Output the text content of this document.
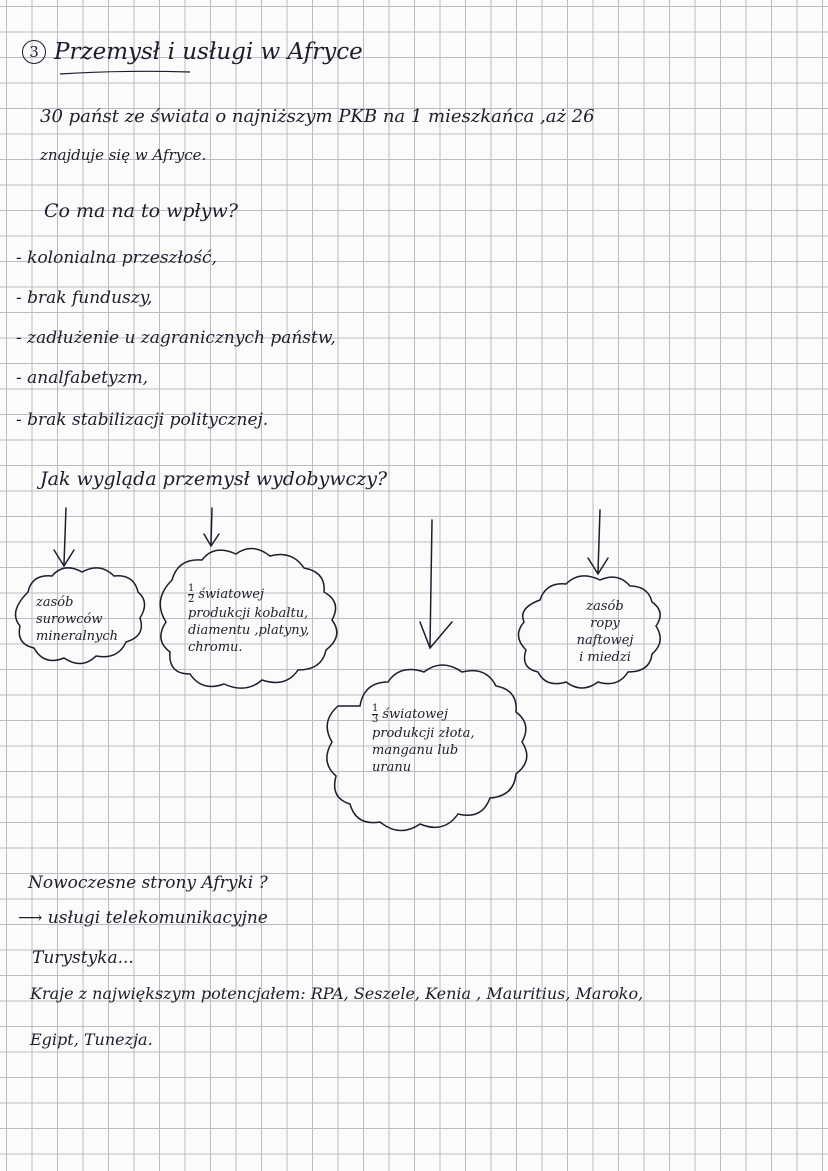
3 Przemysł i usługi w Afryce
30 państ ze świata o najniższym PKB na 1 mieszkańca ,aż 26
znajduje się w Afryce.
Co ma na to wpływ?
- kolonialna przeszłość,
- brak funduszy,
- zadłużenie u zagranicznych państw,
- analfabetyzm,
- brak stabilizacji politycznej.
Jak wygląda przemysł wydobywczy?
zasób
surowców
mineralnych
$\frac{1}{2}$ światowej
produkcji kobaltu,
diamentu ,platyny,
chromu.
$\frac{1}{3}$ światowej
produkcji złota,
manganu lub
uranu
zasób
ropy
naftowej
i miedzi
Nowoczesne strony Afryki ?
⟶ usługi telekomunikacyjne
Turystyka...
Kraje z największym potencjałem: RPA, Seszele, Kenia , Mauritius, Maroko,
Egipt, Tunezja.
